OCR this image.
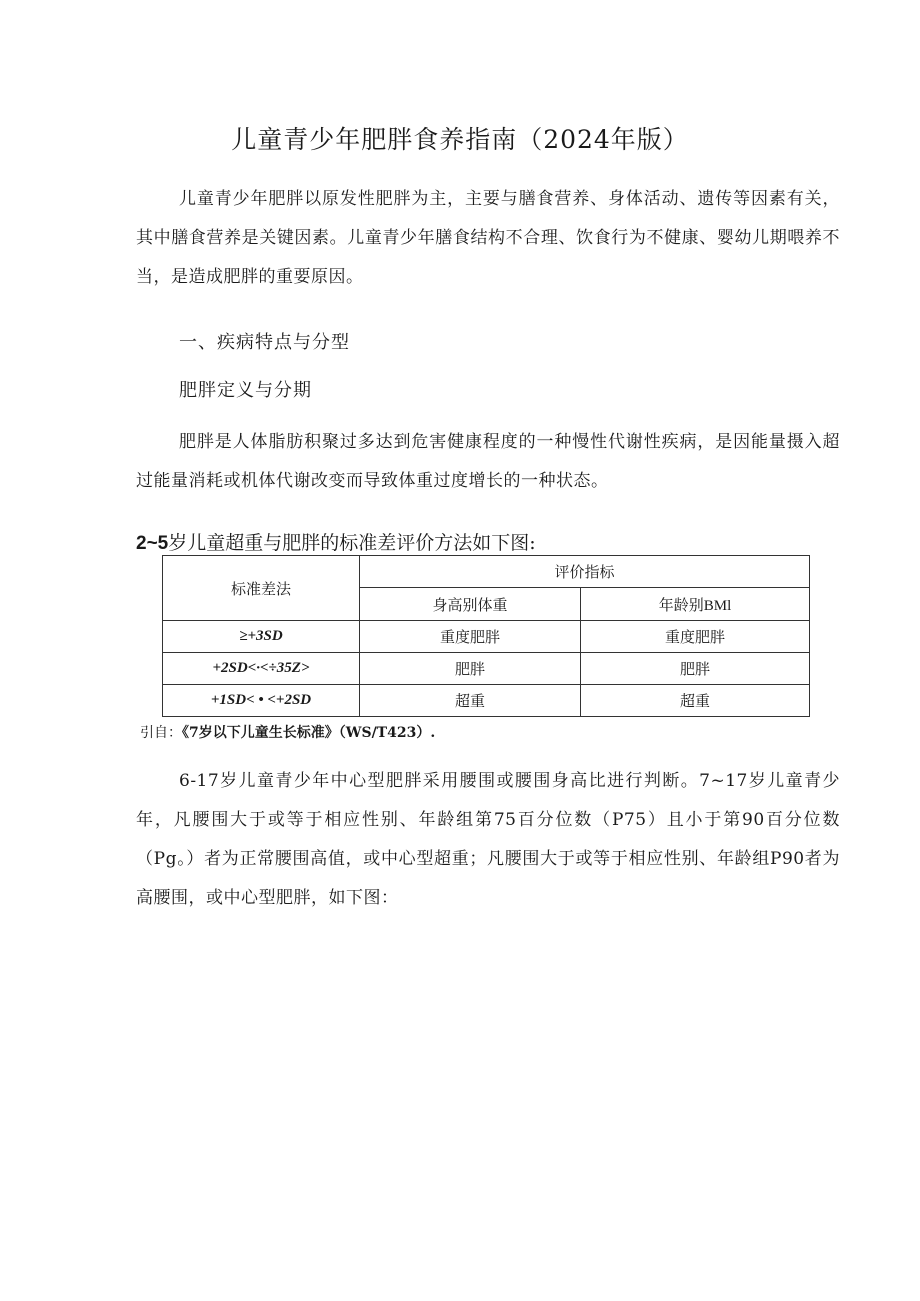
儿童青少年肥胖食养指南（2024年版）

儿童青少年肥胖以原发性肥胖为主，主要与膳食营养、身体活动、遗传等因素有关，其中膳食营养是关键因素。儿童青少年膳食结构不合理、饮食行为不健康、婴幼儿期喂养不当，是造成肥胖的重要原因。

一、疾病特点与分型

肥胖定义与分期

肥胖是人体脂肪积聚过多达到危害健康程度的一种慢性代谢性疾病，是因能量摄入超过能量消耗或机体代谢改变而导致体重过度增长的一种状态。

2~5岁儿童超重与肥胖的标准差评价方法如下图:

标准差法	评价指标	
	身高别体重	年龄别BMl
≥+3SD	重度肥胖	重度肥胖
+2SD<·<÷35Z>	肥胖	肥胖
+1SD< • <+2SD	超重	超重

引自：《7岁以下儿童生长标准》（WS/T423）.

6-17岁儿童青少年中心型肥胖采用腰围或腰围身高比进行判断。7~17岁儿童青少年，凡腰围大于或等于相应性别、年龄组第75百分位数（P75）且小于第90百分位数（Pg。）者为正常腰围高值，或中心型超重；凡腰围大于或等于相应性别、年龄组P90者为高腰围，或中心型肥胖，如下图：
